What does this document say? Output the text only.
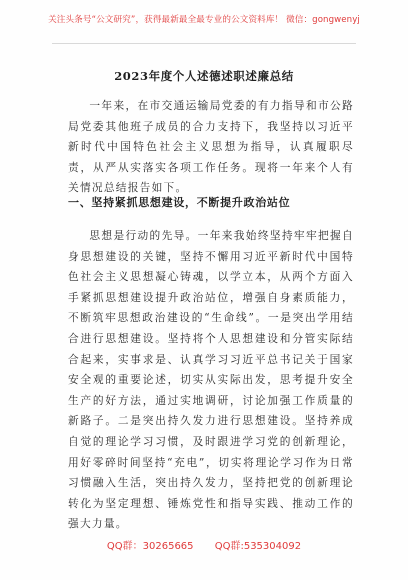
关注头条号“公文研究”，获得最新最全最专业的公文资料库！ 微信：gongwenyj
2023年度个人述德述职述廉总结

一年来，在市交通运输局党委的有力指导和市公路局党委其他班子成员的合力支持下，我坚持以习近平新时代中国特色社会主义思想为指导，认真履职尽责，从严从实落实各项工作任务。现将一年来个人有关情况总结报告如下。

一、坚持紧抓思想建设，不断提升政治站位

思想是行动的先导。一年来我始终坚持牢牢把握自身思想建设的关键，坚持不懈用习近平新时代中国特色社会主义思想凝心铸魂，以学立本，从两个方面入手紧抓思想建设提升政治站位，增强自身素质能力，不断筑牢思想政治建设的“生命线”。一是突出学用结合进行思想建设。坚持将个人思想建设和分管实际结合起来，实事求是、认真学习习近平总书记关于国家安全观的重要论述，切实从实际出发，思考提升安全生产的好方法，通过实地调研，讨论加强工作质量的新路子。二是突出持久发力进行思想建设。坚持养成自觉的理论学习习惯，及时跟进学习党的创新理论，用好零碎时间坚持“充电”，切实将理论学习作为日常习惯融入生活，突出持久发力，坚持把党的创新理论转化为坚定理想、锤炼党性和指导实践、推动工作的强大力量。

QQ群：30265665 QQ群:535304092
